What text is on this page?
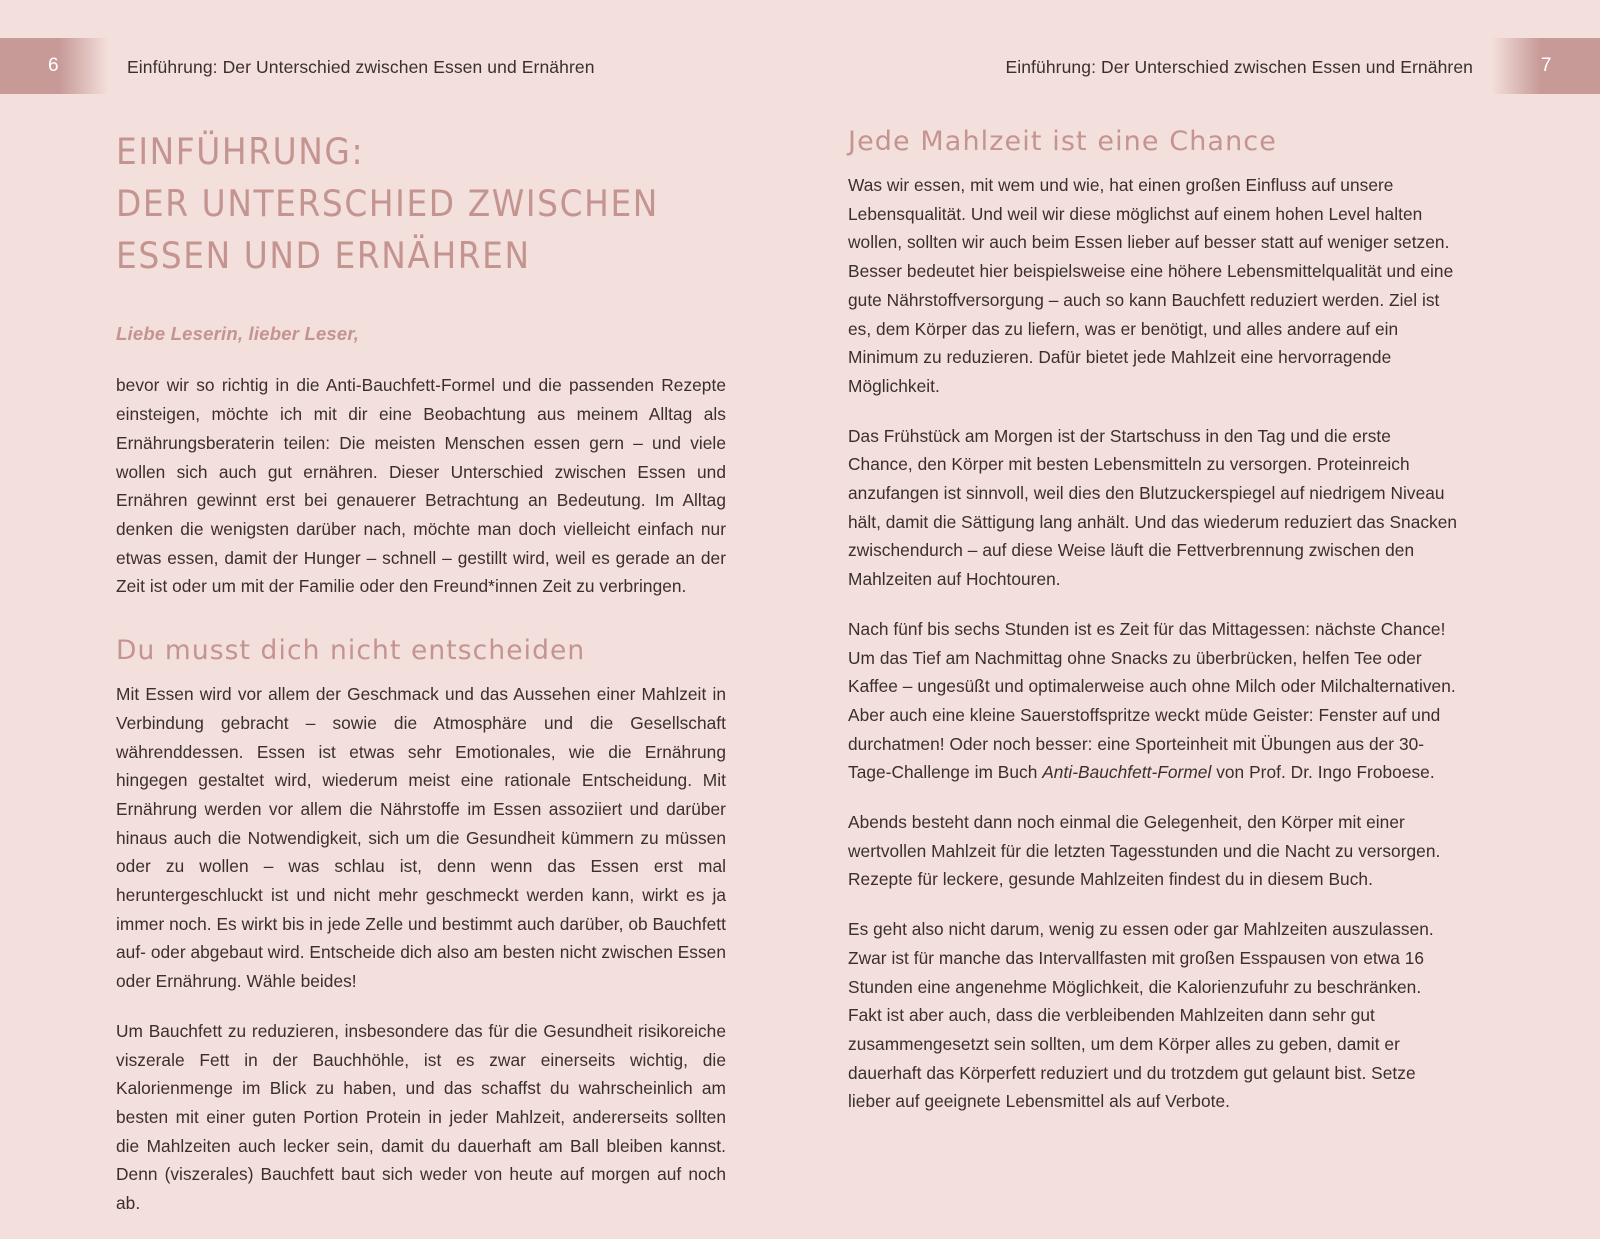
6	Einführung: Der Unterschied zwischen Essen und Ernähren
EINFÜHRUNG:
DER UNTERSCHIED ZWISCHEN
ESSEN UND ERNÄHREN

Liebe Leserin, lieber Leser,

bevor wir so richtig in die Anti-Bauchfett-Formel und die passenden Rezepte einsteigen, möchte ich mit dir eine Beobachtung aus meinem Alltag als Ernährungsberaterin teilen: Die meisten Menschen essen gern – und viele wollen sich auch gut ernähren. Dieser Unterschied zwischen Essen und Ernähren gewinnt erst bei genauerer Betrachtung an Bedeutung. Im Alltag denken die wenigsten darüber nach, möchte man doch vielleicht einfach nur etwas essen, damit der Hunger – schnell – gestillt wird, weil es gerade an der Zeit ist oder um mit der Familie oder den Freund*innen Zeit zu verbringen.

Du musst dich nicht entscheiden

Mit Essen wird vor allem der Geschmack und das Aussehen einer Mahlzeit in Verbindung gebracht – sowie die Atmosphäre und die Gesellschaft währenddessen. Essen ist etwas sehr Emotionales, wie die Ernährung hingegen gestaltet wird, wiederum meist eine rationale Entscheidung. Mit Ernährung werden vor allem die Nährstoffe im Essen assoziiert und darüber hinaus auch die Notwendigkeit, sich um die Gesundheit kümmern zu müssen oder zu wollen – was schlau ist, denn wenn das Essen erst mal heruntergeschluckt ist und nicht mehr geschmeckt werden kann, wirkt es ja immer noch. Es wirkt bis in jede Zelle und bestimmt auch darüber, ob Bauchfett auf- oder abgebaut wird. Entscheide dich also am besten nicht zwischen Essen oder Ernährung. Wähle beides!

Um Bauchfett zu reduzieren, insbesondere das für die Gesundheit risikoreiche viszerale Fett in der Bauchhöhle, ist es zwar einerseits wichtig, die Kalorienmenge im Blick zu haben, und das schaffst du wahrscheinlich am besten mit einer guten Portion Protein in jeder Mahlzeit, andererseits sollten die Mahlzeiten auch lecker sein, damit du dauerhaft am Ball bleiben kannst. Denn (viszerales) Bauchfett baut sich weder von heute auf morgen auf noch ab.

7
Einführung: Der Unterschied zwischen Essen und Ernähren
Jede Mahlzeit ist eine Chance

Was wir essen, mit wem und wie, hat einen großen Einfluss auf unsere Lebensqualität. Und weil wir diese möglichst auf einem hohen Level halten wollen, sollten wir auch beim Essen lieber auf besser statt auf weniger setzen. Besser bedeutet hier beispielsweise eine höhere Lebensmittelqualität und eine gute Nährstoffversorgung – auch so kann Bauchfett reduziert werden. Ziel ist es, dem Körper das zu liefern, was er benötigt, und alles andere auf ein Minimum zu reduzieren. Dafür bietet jede Mahlzeit eine hervorragende Möglichkeit.

Das Frühstück am Morgen ist der Startschuss in den Tag und die erste Chance, den Körper mit besten Lebensmitteln zu versorgen. Proteinreich anzufangen ist sinnvoll, weil dies den Blutzuckerspiegel auf niedrigem Niveau hält, damit die Sättigung lang anhält. Und das wiederum reduziert das Snacken zwischendurch – auf diese Weise läuft die Fettverbrennung zwischen den Mahlzeiten auf Hochtouren.

Nach fünf bis sechs Stunden ist es Zeit für das Mittagessen: nächste Chance! Um das Tief am Nachmittag ohne Snacks zu überbrücken, helfen Tee oder Kaffee – ungesüßt und optimalerweise auch ohne Milch oder Milchalternativen. Aber auch eine kleine Sauerstoffspritze weckt müde Geister: Fenster auf und durchatmen! Oder noch besser: eine Sporteinheit mit Übungen aus der 30-Tage-Challenge im Buch Anti-Bauchfett-Formel von Prof. Dr. Ingo Froboese.

Abends besteht dann noch einmal die Gelegenheit, den Körper mit einer wertvollen Mahlzeit für die letzten Tagesstunden und die Nacht zu versorgen. Rezepte für leckere, gesunde Mahlzeiten findest du in diesem Buch.

Es geht also nicht darum, wenig zu essen oder gar Mahlzeiten auszulassen. Zwar ist für manche das Intervallfasten mit großen Esspausen von etwa 16 Stunden eine angenehme Möglichkeit, die Kalorienzufuhr zu beschränken. Fakt ist aber auch, dass die verbleibenden Mahlzeiten dann sehr gut zusammengesetzt sein sollten, um dem Körper alles zu geben, damit er dauerhaft das Körperfett reduziert und du trotzdem gut gelaunt bist. Setze lieber auf geeignete Lebensmittel als auf Verbote.
